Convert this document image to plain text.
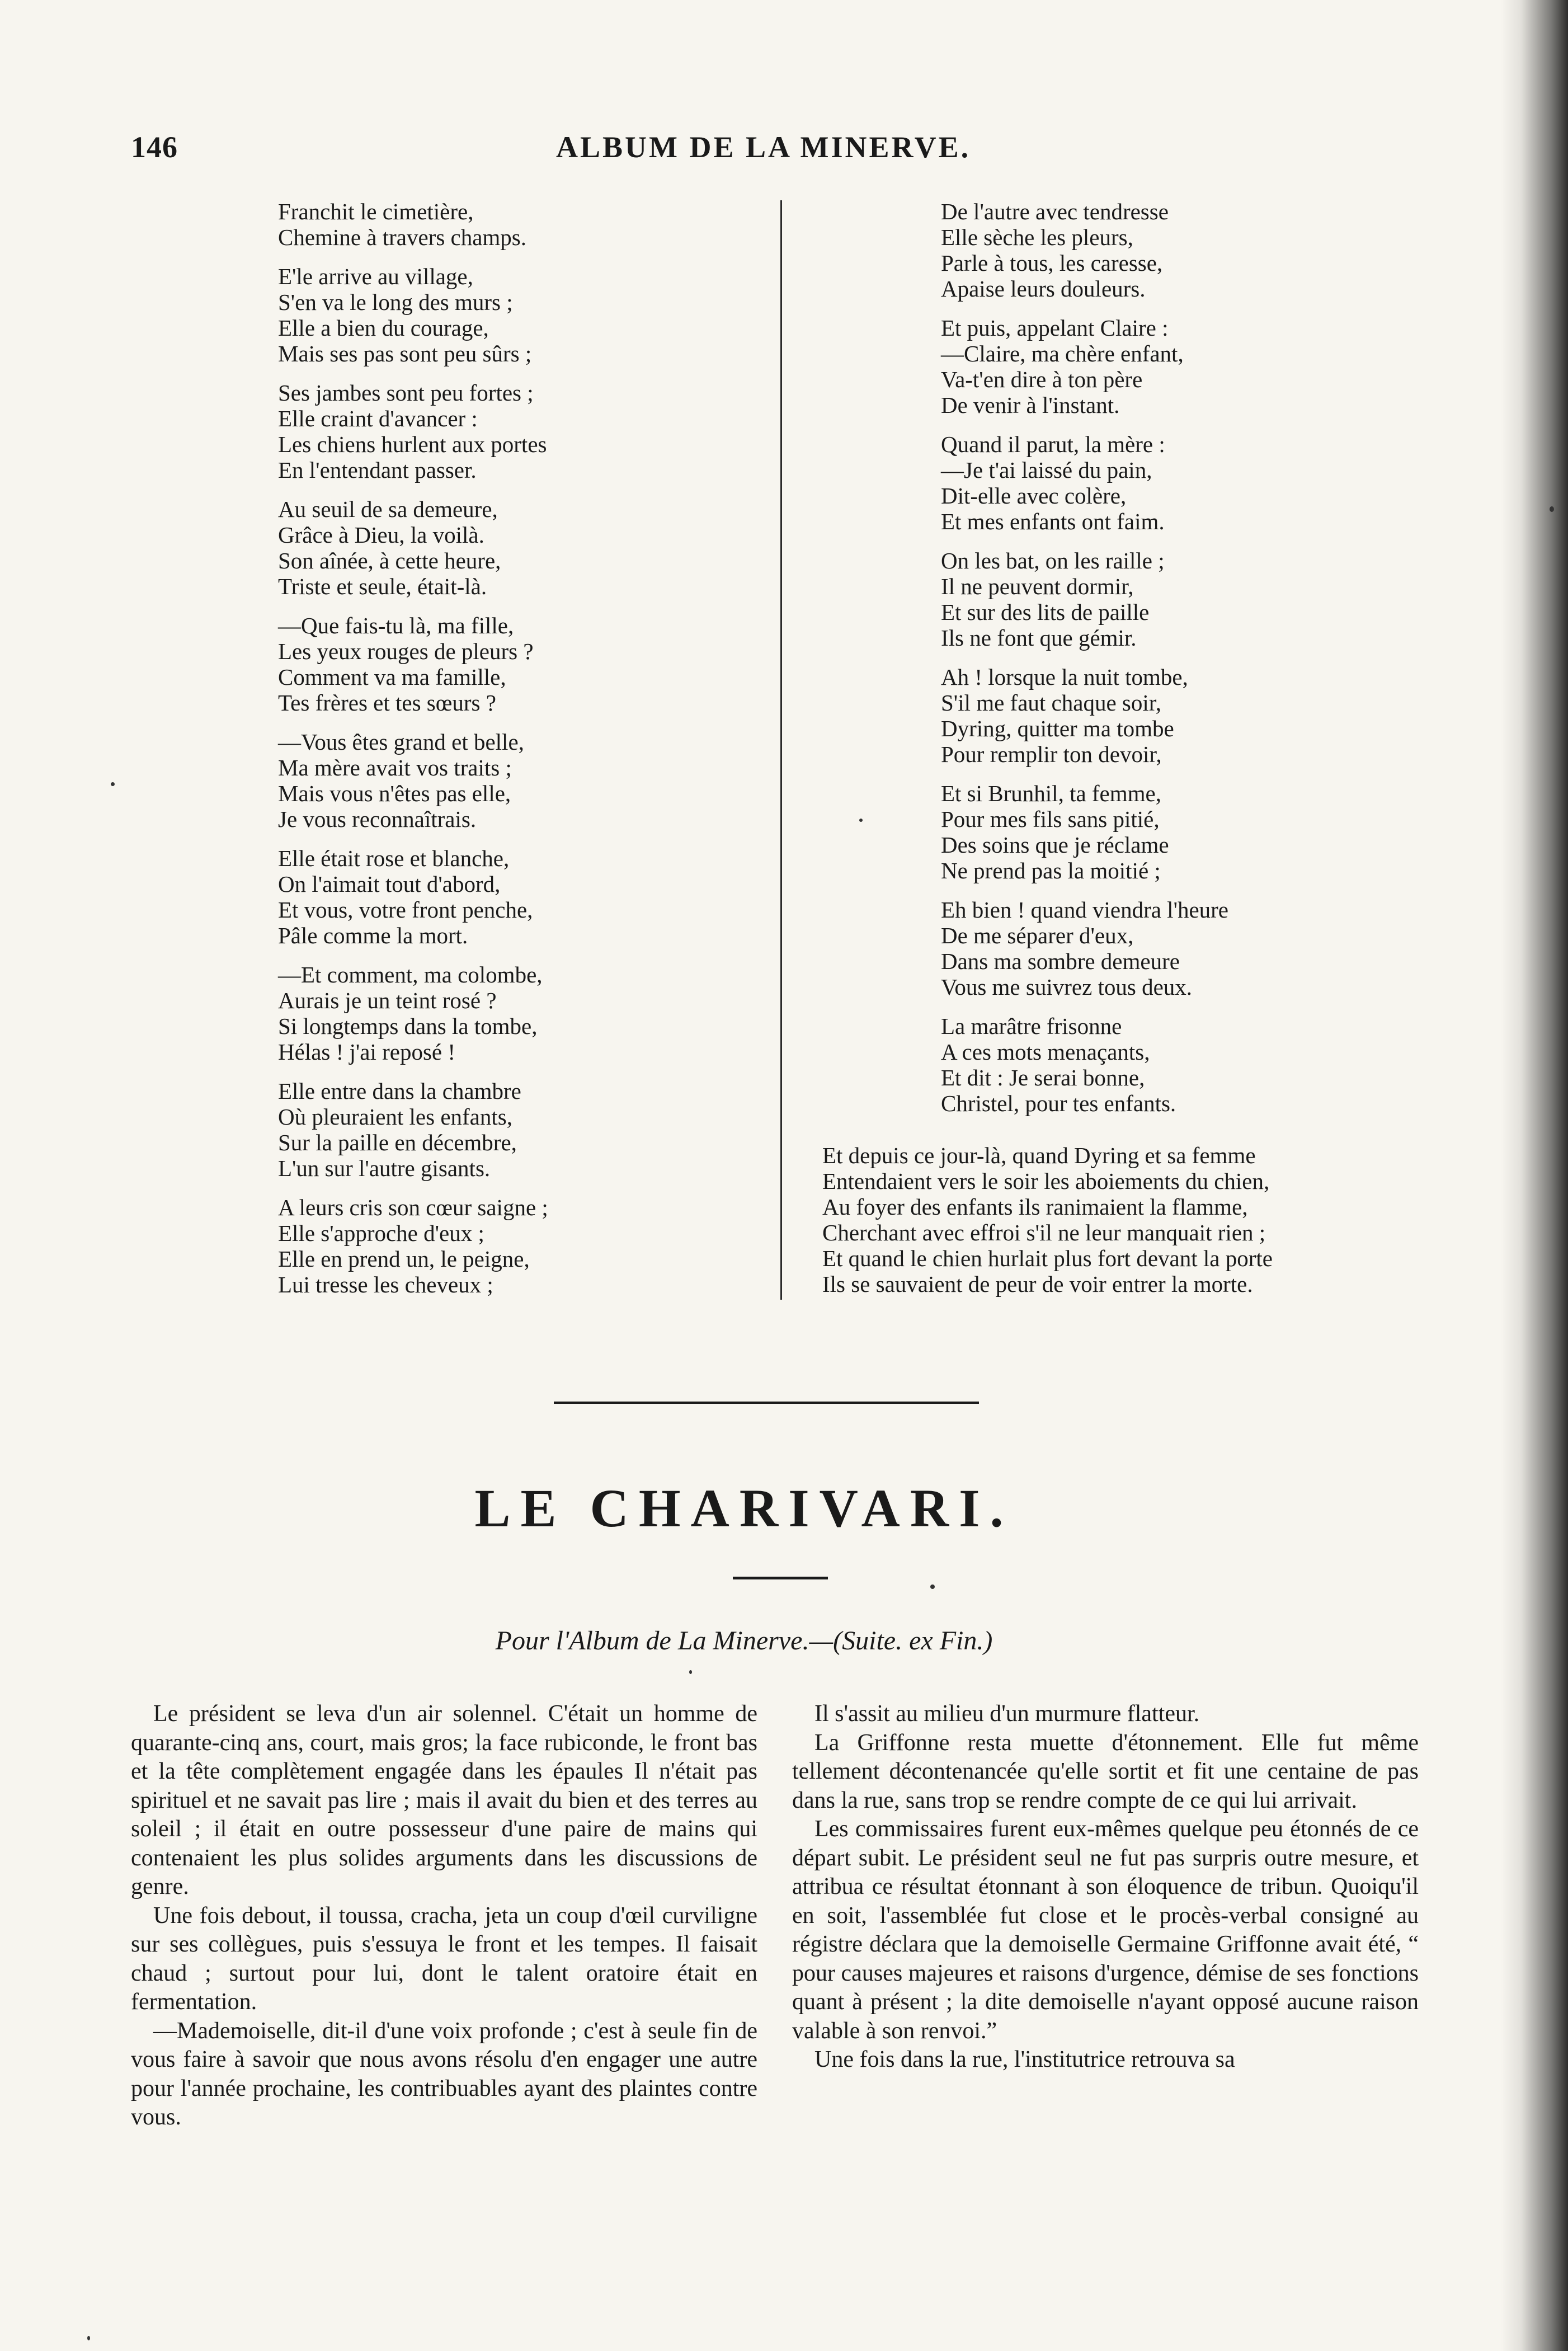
146	ALBUM DE LA MINERVE.
Franchit le cimetière,
Chemine à travers champs.
E'le arrive au village,
S'en va le long des murs ;
Elle a bien du courage,
Mais ses pas sont peu sûrs ;
Ses jambes sont peu fortes ;
Elle craint d'avancer :
Les chiens hurlent aux portes
En l'entendant passer.
Au seuil de sa demeure,
Grâce à Dieu, la voilà.
Son aînée, à cette heure,
Triste et seule, était-là.
—Que fais-tu là, ma fille,
Les yeux rouges de pleurs ?
Comment va ma famille,
Tes frères et tes sœurs ?
—Vous êtes grand et belle,
Ma mère avait vos traits ;
Mais vous n'êtes pas elle,
Je vous reconnaîtrais.
Elle était rose et blanche,
On l'aimait tout d'abord,
Et vous, votre front penche,
Pâle comme la mort.
—Et comment, ma colombe,
Aurais je un teint rosé ?
Si longtemps dans la tombe,
Hélas ! j'ai reposé !
Elle entre dans la chambre
Où pleuraient les enfants,
Sur la paille en décembre,
L'un sur l'autre gisants.
A leurs cris son cœur saigne ;
Elle s'approche d'eux ;
Elle en prend un, le peigne,
Lui tresse les cheveux ;
De l'autre avec tendresse
Elle sèche les pleurs,
Parle à tous, les caresse,
Apaise leurs douleurs.
Et puis, appelant Claire :
—Claire, ma chère enfant,
Va-t'en dire à ton père
De venir à l'instant.
Quand il parut, la mère :
—Je t'ai laissé du pain,
Dit-elle avec colère,
Et mes enfants ont faim.
On les bat, on les raille ;
Il ne peuvent dormir,
Et sur des lits de paille
Ils ne font que gémir.
Ah ! lorsque la nuit tombe,
S'il me faut chaque soir,
Dyring, quitter ma tombe
Pour remplir ton devoir,
Et si Brunhil, ta femme,
Pour mes fils sans pitié,
Des soins que je réclame
Ne prend pas la moitié ;
Eh bien ! quand viendra l'heure
De me séparer d'eux,
Dans ma sombre demeure
Vous me suivrez tous deux.
La marâtre frisonne
A ces mots menaçants,
Et dit : Je serai bonne,
Christel, pour tes enfants.
Et depuis ce jour-là, quand Dyring et sa femme
Entendaient vers le soir les aboiements du chien,
Au foyer des enfants ils ranimaient la flamme,
Cherchant avec effroi s'il ne leur manquait rien ;
Et quand le chien hurlait plus fort devant la porte
Ils se sauvaient de peur de voir entrer la morte.
LE CHARIVARI.
Pour l'Album de La Minerve.—(Suite. ex Fin.)

Le président se leva d'un air solennel. C'était un homme de quarante-cinq ans, court, mais gros; la face rubiconde, le front bas et la tête complètement engagée dans les épaules Il n'était pas spirituel et ne savait pas lire ; mais il avait du bien et des terres au soleil ; il était en outre possesseur d'une paire de mains qui contenaient les plus solides arguments dans les discussions de genre.

Une fois debout, il toussa, cracha, jeta un coup d'œil curviligne sur ses collègues, puis s'essuya le front et les tempes. Il faisait chaud ; surtout pour lui, dont le talent oratoire était en fermentation.

—Mademoiselle, dit-il d'une voix profonde ; c'est à seule fin de vous faire à savoir que nous avons résolu d'en engager une autre pour l'année prochaine, les contribuables ayant des plaintes contre vous.

Il s'assit au milieu d'un murmure flatteur.

La Griffonne resta muette d'étonnement. Elle fut même tellement décontenancée qu'elle sortit et fit une centaine de pas dans la rue, sans trop se rendre compte de ce qui lui arrivait.

Les commissaires furent eux-mêmes quelque peu étonnés de ce départ subit. Le président seul ne fut pas surpris outre mesure, et attribua ce résultat étonnant à son éloquence de tribun. Quoiqu'il en soit, l'assemblée fut close et le procès-verbal consigné au régistre déclara que la demoiselle Germaine Griffonne avait été, “ pour causes majeures et raisons d'urgence, démise de ses fonctions quant à présent ; la dite demoiselle n'ayant opposé aucune raison valable à son renvoi.”

Une fois dans la rue, l'institutrice retrouva sa
